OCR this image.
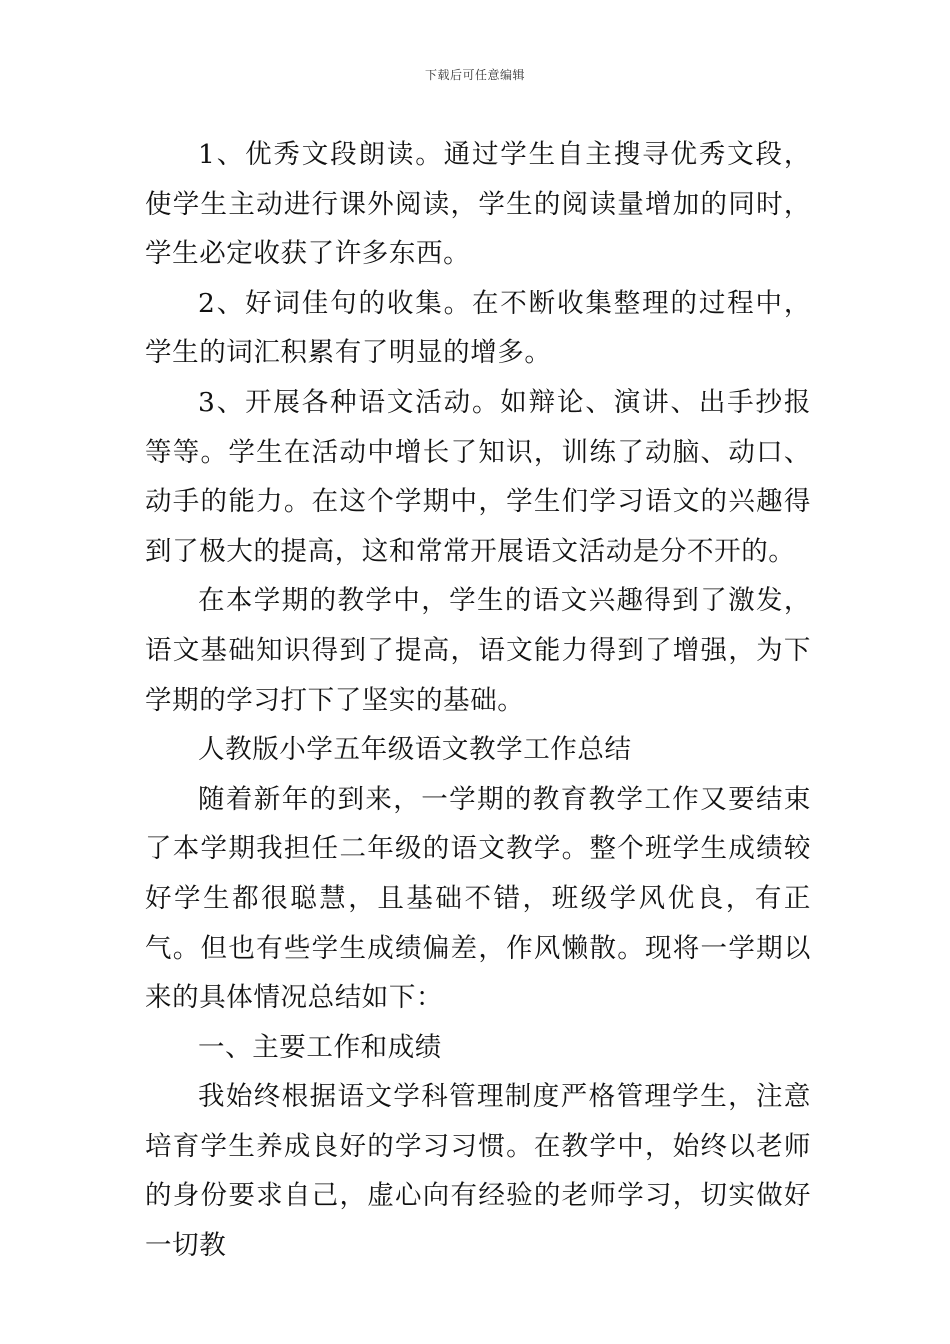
下载后可任意编辑

1、优秀文段朗读。通过学生自主搜寻优秀文段，使学生主动进行课外阅读，学生的阅读量增加的同时，学生必定收获了许多东西。

2、好词佳句的收集。在不断收集整理的过程中，学生的词汇积累有了明显的增多。

3、开展各种语文活动。如辩论、演讲、出手抄报等等。学生在活动中增长了知识，训练了动脑、动口、动手的能力。在这个学期中，学生们学习语文的兴趣得到了极大的提高，这和常常开展语文活动是分不开的。

在本学期的教学中，学生的语文兴趣得到了激发，语文基础知识得到了提高，语文能力得到了增强，为下学期的学习打下了坚实的基础。

人教版小学五年级语文教学工作总结

随着新年的到来，一学期的教育教学工作又要结束了本学期我担任二年级的语文教学。整个班学生成绩较好学生都很聪慧，且基础不错，班级学风优良，有正气。但也有些学生成绩偏差，作风懒散。现将一学期以来的具体情况总结如下：

一、主要工作和成绩

我始终根据语文学科管理制度严格管理学生，注意培育学生养成良好的学习习惯。在教学中，始终以老师的身份要求自己，虚心向有经验的老师学习，切实做好一切教
